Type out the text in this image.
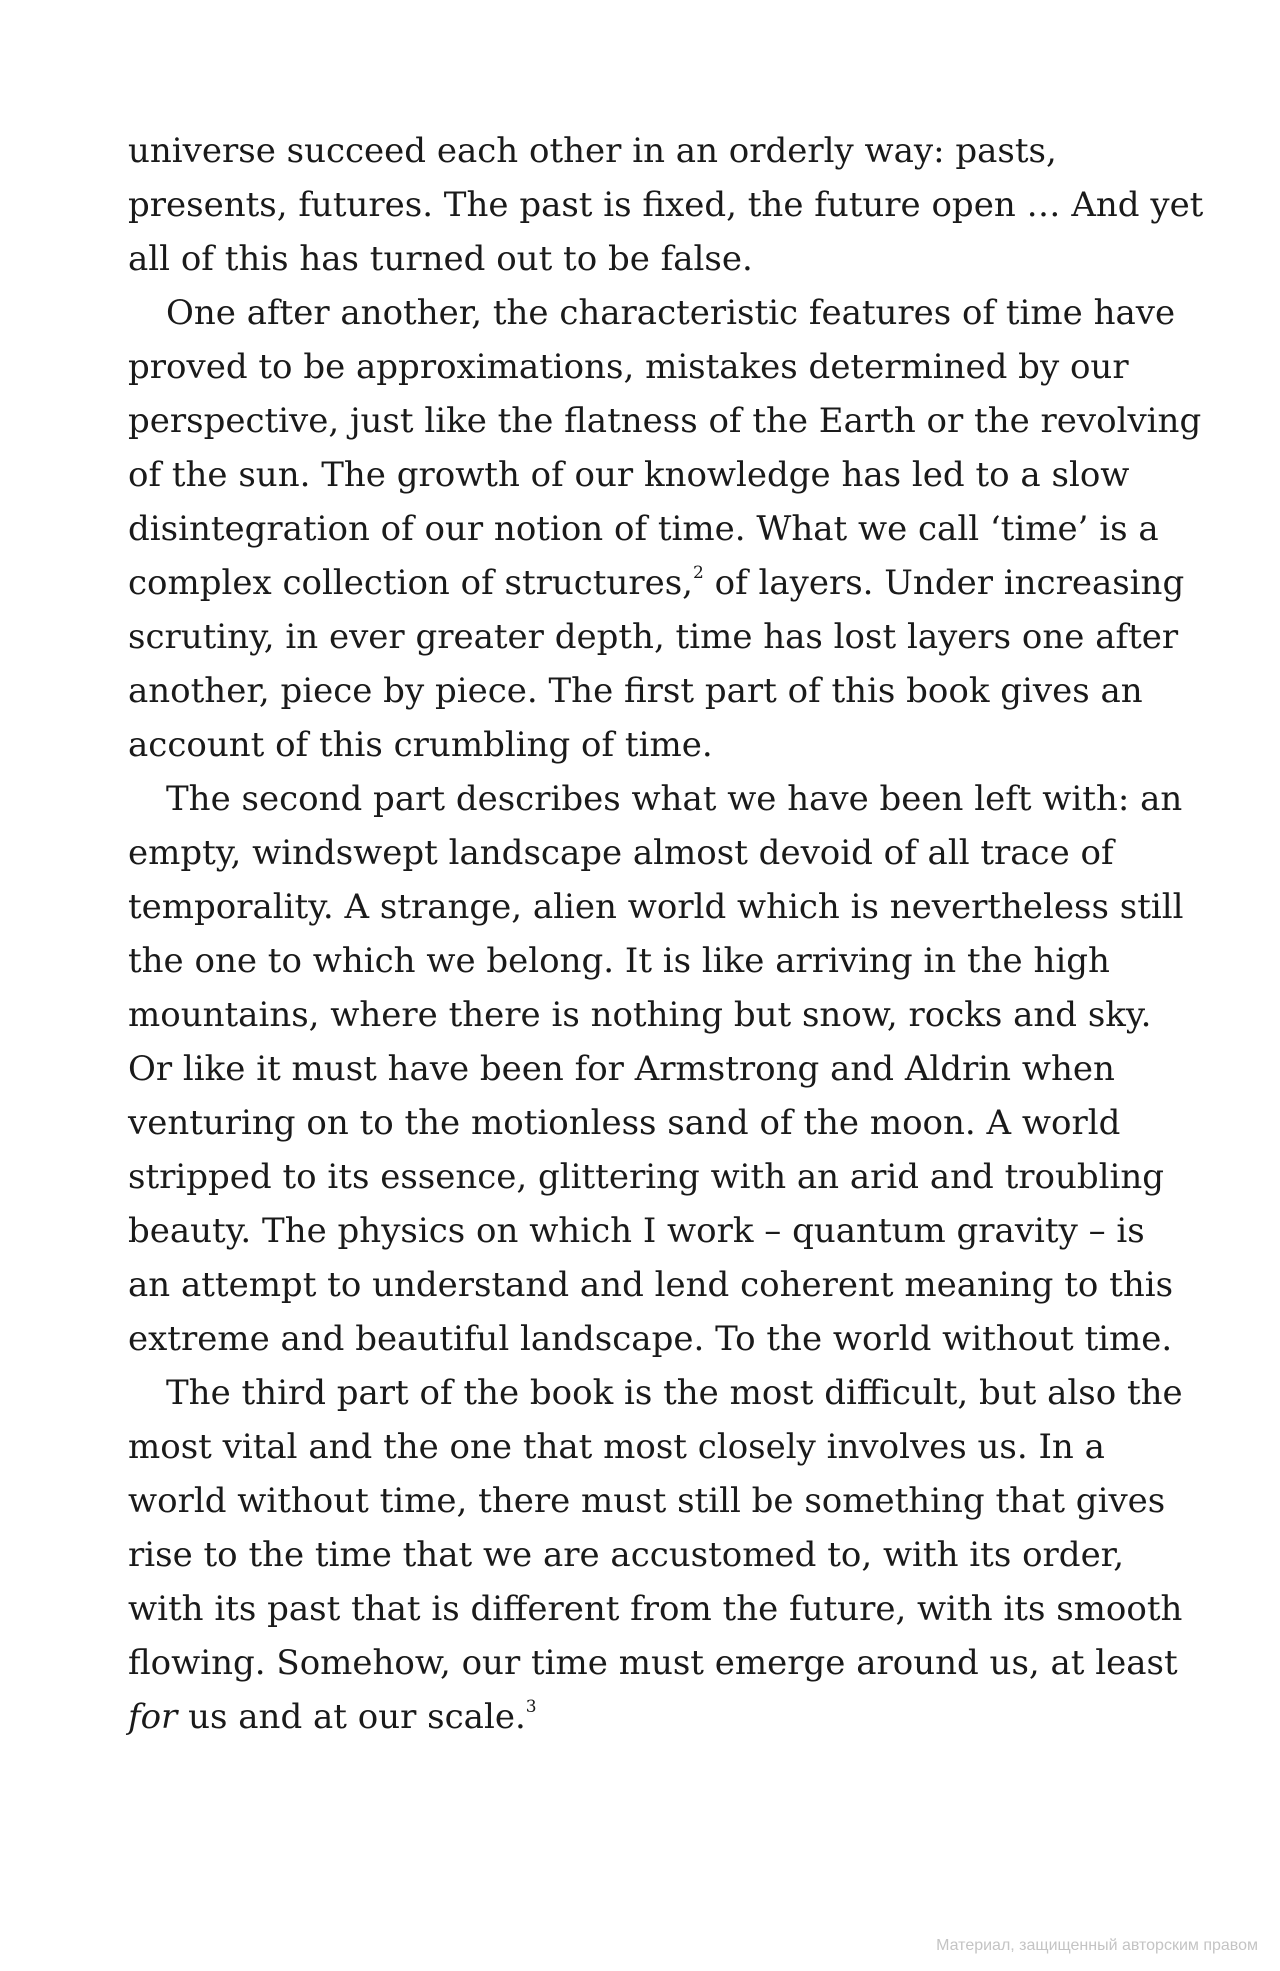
universe succeed each other in an orderly way: pasts,
presents, futures. The past is fixed, the future open … And yet
all of this has turned out to be false.
One after another, the characteristic features of time have
proved to be approximations, mistakes determined by our
perspective, just like the flatness of the Earth or the revolving
of the sun. The growth of our knowledge has led to a slow
disintegration of our notion of time. What we call ‘time’ is a
complex collection of structures,$^2$ of layers. Under increasing
scrutiny, in ever greater depth, time has lost layers one after
another, piece by piece. The first part of this book gives an
account of this crumbling of time.
The second part describes what we have been left with: an
empty, windswept landscape almost devoid of all trace of
temporality. A strange, alien world which is nevertheless still
the one to which we belong. It is like arriving in the high
mountains, where there is nothing but snow, rocks and sky.
Or like it must have been for Armstrong and Aldrin when
venturing on to the motionless sand of the moon. A world
stripped to its essence, glittering with an arid and troubling
beauty. The physics on which I work – quantum gravity – is
an attempt to understand and lend coherent meaning to this
extreme and beautiful landscape. To the world without time.
The third part of the book is the most difficult, but also the
most vital and the one that most closely involves us. In a
world without time, there must still be something that gives
rise to the time that we are accustomed to, with its order,
with its past that is different from the future, with its smooth
flowing. Somehow, our time must emerge around us, at least
for us and at our scale.$^3$
Материал, защищенный авторским правом
